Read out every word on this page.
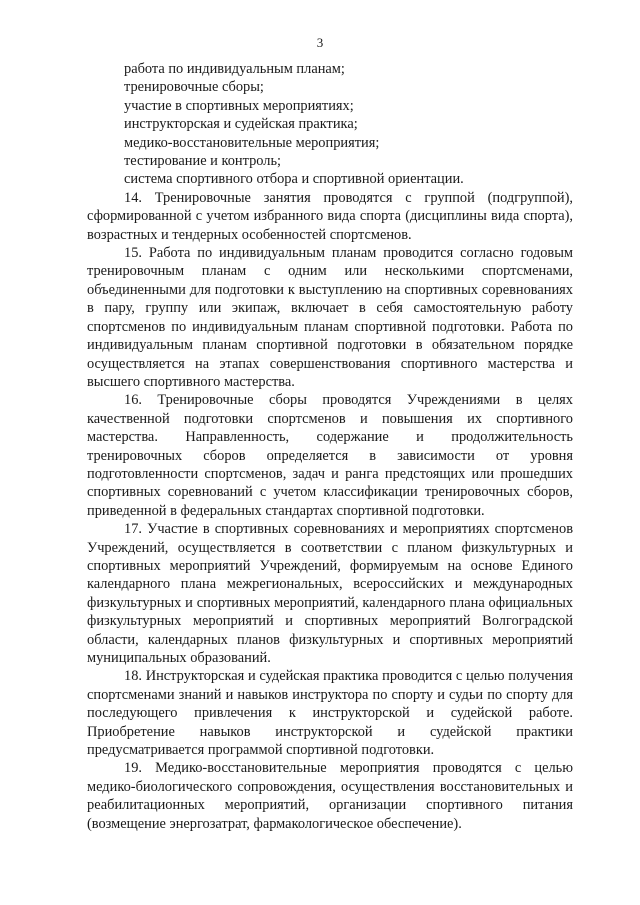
3

работа по индивидуальным планам;

тренировочные сборы;

участие в спортивных мероприятиях;

инструкторская и судейская практика;

медико-восстановительные мероприятия;

тестирование и контроль;

система спортивного отбора и спортивной ориентации.

14. Тренировочные занятия проводятся с группой (подгруппой), сформированной с учетом избранного вида спорта (дисциплины вида спорта), возрастных и тендерных особенностей спортсменов.

15. Работа по индивидуальным планам проводится согласно годовым тренировочным планам с одним или несколькими спортсменами, объединенными для подготовки к выступлению на спортивных соревнованиях в пару, группу или экипаж, включает в себя самостоятельную работу спортсменов по индивидуальным планам спортивной подготовки. Работа по индивидуальным планам спортивной подготовки в обязательном порядке осуществляется на этапах совершенствования спортивного мастерства и высшего спортивного мастерства.

16. Тренировочные сборы проводятся Учреждениями в целях качественной подготовки спортсменов и повышения их спортивного мастерства. Направленность, содержание и продолжительность тренировочных сборов определяется в зависимости от уровня подготовленности спортсменов, задач и ранга предстоящих или прошедших спортивных соревнований с учетом классификации тренировочных сборов, приведенной в федеральных стандартах спортивной подготовки.

17. Участие в спортивных соревнованиях и мероприятиях спортсменов Учреждений, осуществляется в соответствии с планом физкультурных и спортивных мероприятий Учреждений, формируемым на основе Единого календарного плана межрегиональных, всероссийских и международных физкультурных и спортивных мероприятий, календарного плана официальных физкультурных мероприятий и спортивных мероприятий Волгоградской области, календарных планов физкультурных и спортивных мероприятий муниципальных образований.

18. Инструкторская и судейская практика проводится с целью получения спортсменами знаний и навыков инструктора по спорту и судьи по спорту для последующего привлечения к инструкторской и судейской работе. Приобретение навыков инструкторской и судейской практики предусматривается программой спортивной подготовки.

19. Медико-восстановительные мероприятия проводятся с целью медико-биологического сопровождения, осуществления восстановительных и реабилитационных мероприятий, организации спортивного питания (возмещение энергозатрат, фармакологическое обеспечение).
